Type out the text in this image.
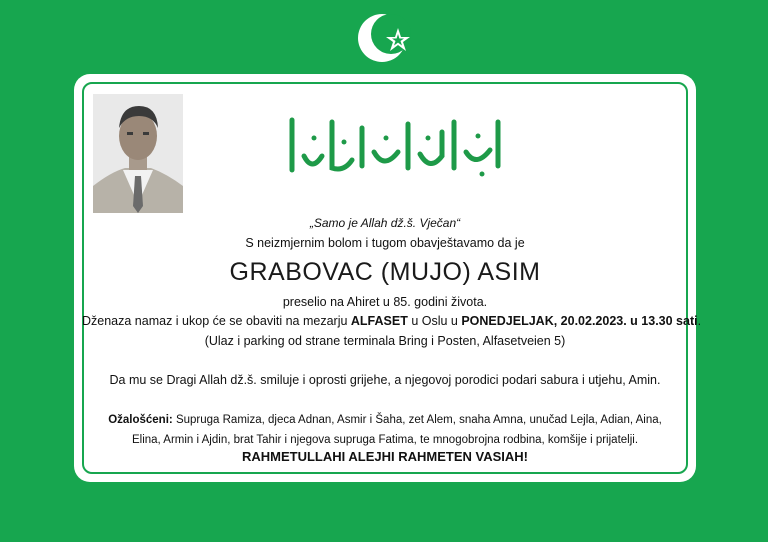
„Samo je Allah dž.š. Vječan“
S neizmjernim bolom i tugom obavještavamo da je
GRABOVAC (MUJO) ASIM
preselio na Ahiret u 85. godini života.
Dženaza namaz i ukop će se obaviti na mezarju ALFASET u Oslu u PONEDJELJAK, 20.02.2023. u 13.30 sati.
(Ulaz i parking od strane terminala Bring i Posten, Alfasetveien 5)
Da mu se Dragi Allah dž.š. smiluje i oprosti grijehe, a njegovoj porodici podari sabura i utjehu, Amin.
Ožalošćeni: Supruga Ramiza, djeca Adnan, Asmir i Šaha, zet Alem, snaha Amna, unučad Lejla, Adian, Aina,
Elina, Armin i Ajdin, brat Tahir i njegova supruga Fatima, te mnogobrojna rodbina, komšije i prijatelji.
RAHMETULLAHI ALEJHI RAHMETEN VASIAH!
